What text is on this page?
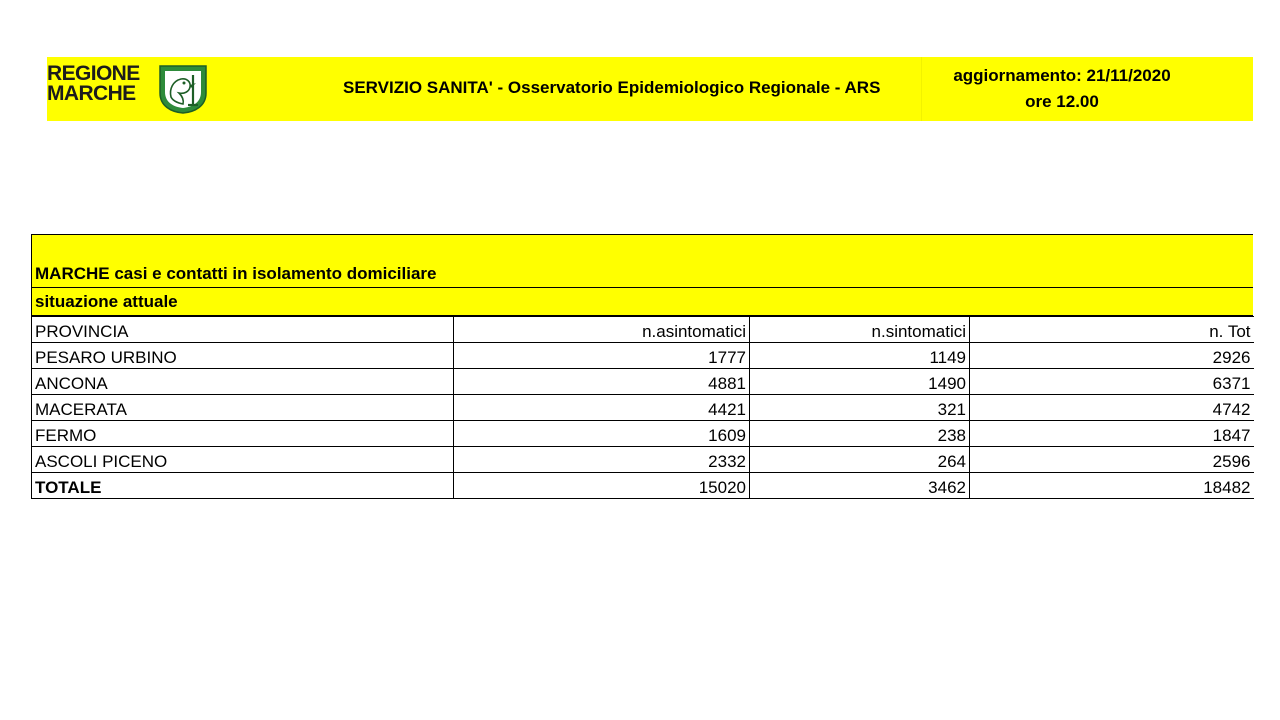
REGIONE
MARCHE	SERVIZIO SANITA' - Osservatorio Epidemiologico Regionale - ARS
aggiornamento: 21/11/2020
ore 12.00
MARCHE casi e contatti in isolamento domiciliare
situazione attuale
PROVINCIA	n.asintomatici	n.sintomatici	n. Tot
PESARO URBINO	1777	1149	2926
ANCONA	4881	1490	6371
MACERATA	4421	321	4742
FERMO	1609	238	1847
ASCOLI PICENO	2332	264	2596
TOTALE	15020	3462	18482
